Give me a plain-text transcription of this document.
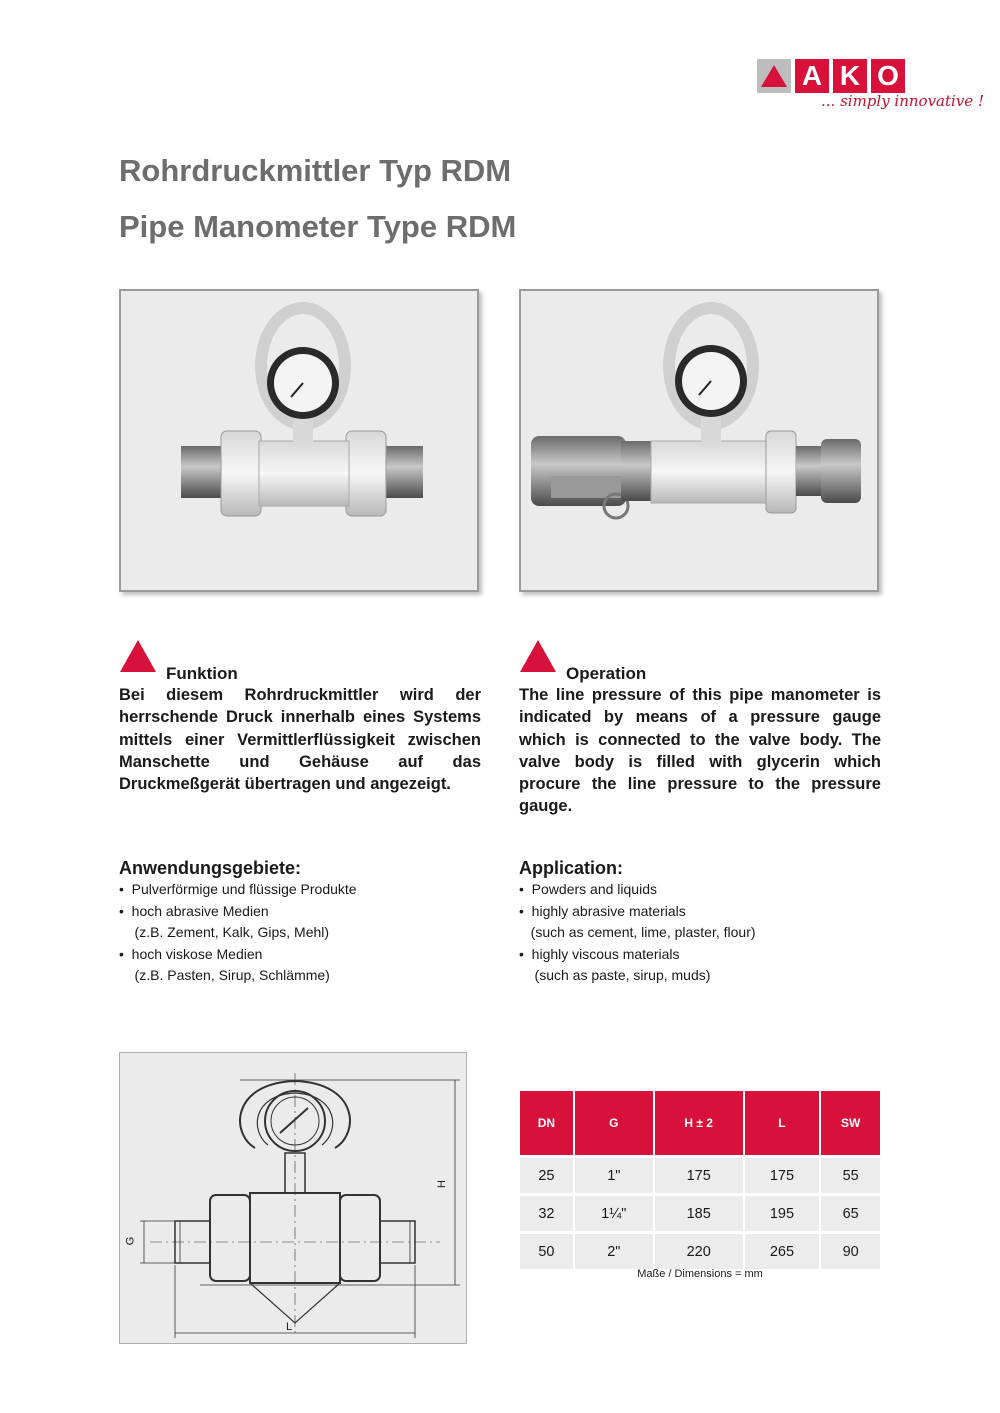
A K O
... simply innovative !
Rohrdruckmittler Typ RDM
Pipe Manometer Type RDM
Funktion
Bei diesem Rohrdruckmittler wird der herrschende Druck innerhalb eines Systems mittels einer Vermittlerflüssigkeit zwischen Manschette und Gehäuse auf das Druckmeßgerät übertragen und angezeigt.
Operation
The line pressure of this pipe manometer is indicated by means of a pressure gauge which is connected to the valve body. The valve body is filled with glycerin which procure the line pressure to the pressure gauge.
Anwendungsgebiete:
•  Pulverförmige und flüssige Produkte
•  hoch abrasive Medien
(z.B. Zement, Kalk, Gips, Mehl)
•  hoch viskose Medien
(z.B. Pasten, Sirup, Schlämme)
Application:
•  Powders and liquids
•  highly abrasive materials
(such as cement, lime, plaster, flour)
•  highly viscous materials
(such as paste, sirup, muds)
H
G
L
DN	G	H ± 2	L	SW
25	1"	175	175	55
32	1¼"	185	195	65
50	2"	220	265	90
Maße / Dimensions = mm
